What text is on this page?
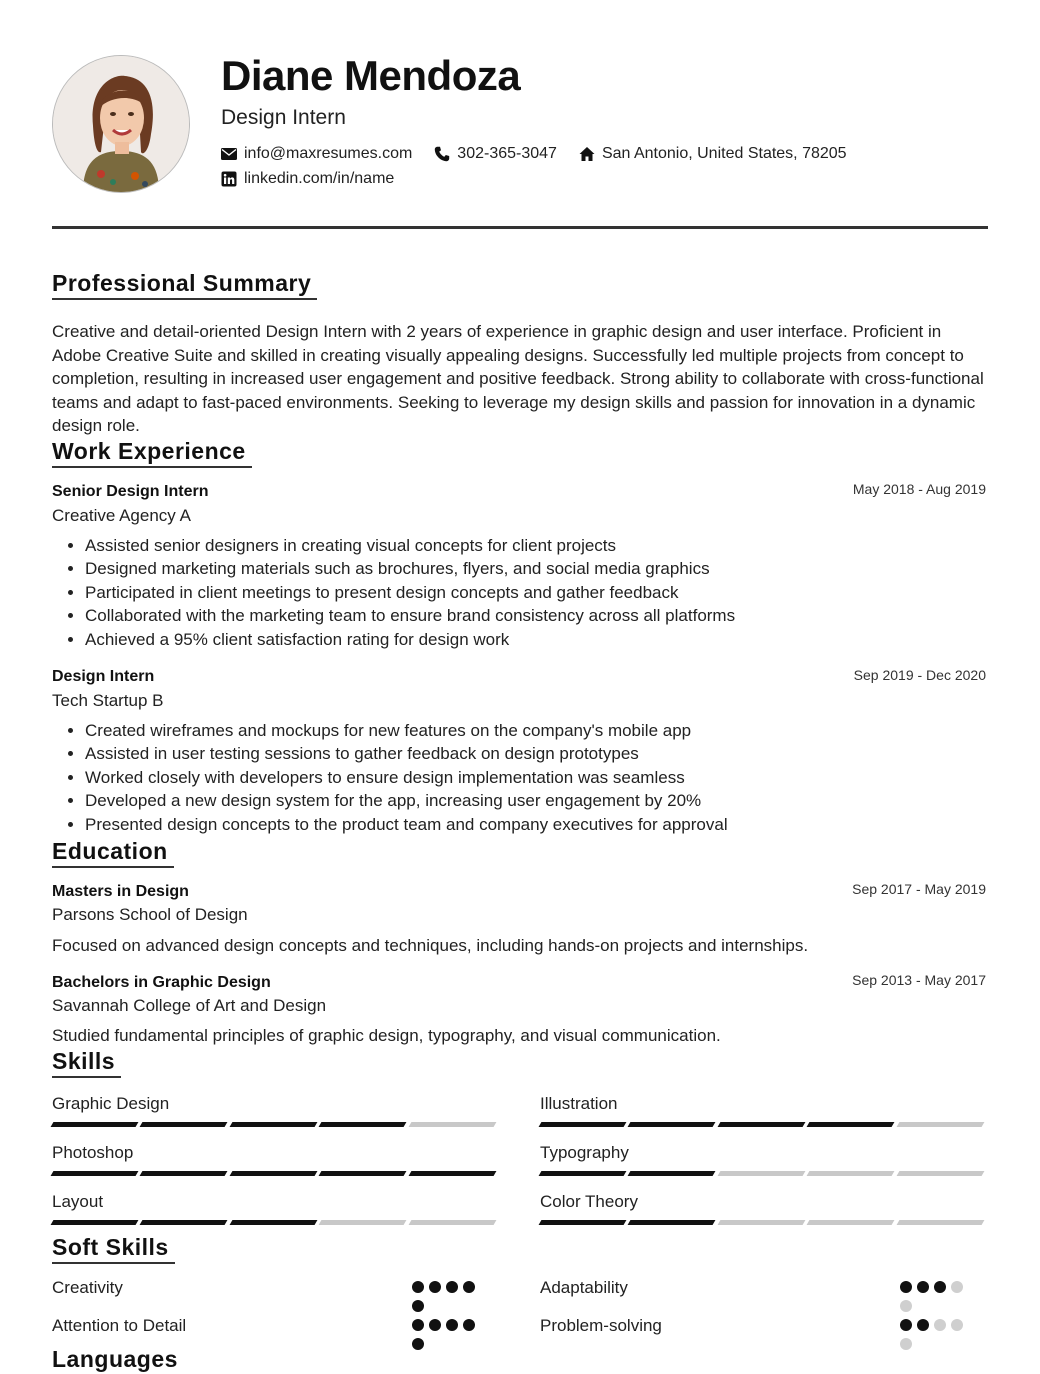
Diane Mendoza
Design Intern
info@maxresumes.com	302-365-3047	San Antonio, United States, 78205
linkedin.com/in/name
Professional Summary

Creative and detail-oriented Design Intern with 2 years of experience in graphic design and user interface. Proficient in Adobe Creative Suite and skilled in creating visually appealing designs. Successfully led multiple projects from concept to completion, resulting in increased user engagement and positive feedback. Strong ability to collaborate with cross-functional teams and adapt to fast-paced environments. Seeking to leverage my design skills and passion for innovation in a dynamic design role.

Work Experience
Senior Design Intern	May 2018 - Aug 2019
Creative Agency A
• Assisted senior designers in creating visual concepts for client projects
• Designed marketing materials such as brochures, flyers, and social media graphics
• Participated in client meetings to present design concepts and gather feedback
• Collaborated with the marketing team to ensure brand consistency across all platforms
• Achieved a 95% client satisfaction rating for design work
Design Intern	Sep 2019 - Dec 2020
Tech Startup B
• Created wireframes and mockups for new features on the company's mobile app
• Assisted in user testing sessions to gather feedback on design prototypes
• Worked closely with developers to ensure design implementation was seamless
• Developed a new design system for the app, increasing user engagement by 20%
• Presented design concepts to the product team and company executives for approval
Education
Masters in Design	Sep 2017 - May 2019
Parsons School of Design
Focused on advanced design concepts and techniques, including hands-on projects and internships.
Bachelors in Graphic Design	Sep 2013 - May 2017
Savannah College of Art and Design
Studied fundamental principles of graphic design, typography, and visual communication.
Skills
Graphic Design	Illustration
Photoshop	Typography
Layout	Color Theory
Soft Skills
Creativity	Adaptability
Attention to Detail	Problem-solving
Languages
